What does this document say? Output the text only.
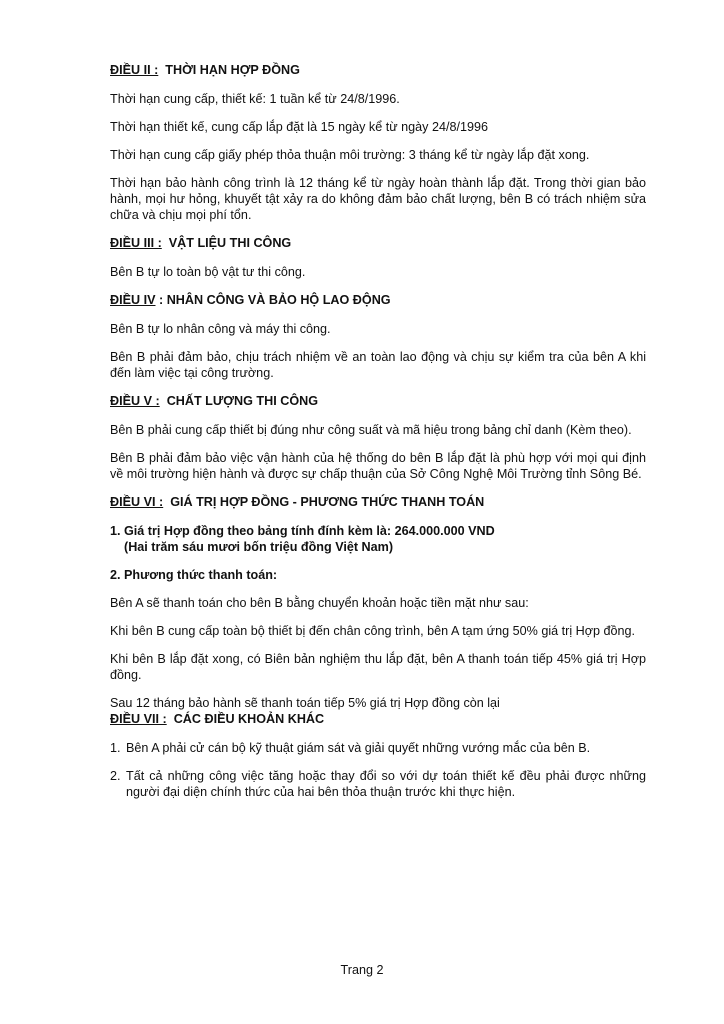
ĐIỀU II : THỜI HẠN HỢP ĐỒNG

Thời hạn cung cấp, thiết kế: 1 tuần kể từ 24/8/1996.

Thời hạn thiết kế, cung cấp lắp đặt là 15 ngày kể từ ngày 24/8/1996

Thời hạn cung cấp giấy phép thỏa thuận môi trường: 3 tháng kể từ ngày lắp đặt xong.

Thời hạn bảo hành công trình là 12 tháng kể từ ngày hoàn thành lắp đặt. Trong thời gian bảo hành, mọi hư hỏng, khuyết tật xảy ra do không đảm bảo chất lượng, bên B có trách nhiệm sửa chữa và chịu mọi phí tổn.

ĐIỀU III : VẬT LIỆU THI CÔNG

Bên B tự lo toàn bộ vật tư thi công.

ĐIỀU IV : NHÂN CÔNG VÀ BẢO HỘ LAO ĐỘNG

Bên B tự lo nhân công và máy thi công.

Bên B phải đảm bảo, chịu trách nhiệm về an toàn lao động và chịu sự kiểm tra của bên A khi đến làm việc tại công trường.

ĐIỀU V : CHẤT LƯỢNG THI CÔNG

Bên B phải cung cấp thiết bị đúng như công suất và mã hiệu trong bảng chỉ danh (Kèm theo).

Bên B phải đảm bảo việc vận hành của hệ thống do bên B lắp đặt là phù hợp với mọi qui định về môi trường hiện hành và được sự chấp thuận của Sở Công Nghệ Môi Trường tỉnh Sông Bé.

ĐIỀU VI : GIÁ TRỊ HỢP ĐỒNG - PHƯƠNG THỨC THANH TOÁN

1. Giá trị Hợp đồng theo bảng tính đính kèm là: 264.000.000 VND

(Hai trăm sáu mươi bốn triệu đồng Việt Nam)

2. Phương thức thanh toán:

Bên A sẽ thanh toán cho bên B bằng chuyển khoản hoặc tiền mặt như sau:

Khi bên B cung cấp toàn bộ thiết bị đến chân công trình, bên A tạm ứng 50% giá trị Hợp đồng.

Khi bên B lắp đặt xong, có Biên bản nghiệm thu lắp đặt, bên A thanh toán tiếp 45% giá trị Hợp đồng.

Sau 12 tháng bảo hành sẽ thanh toán tiếp 5% giá trị Hợp đồng còn lại

ĐIỀU VII : CÁC ĐIỀU KHOẢN KHÁC

1. Bên A phải cử cán bộ kỹ thuật giám sát và giải quyết những vướng mắc của bên B.
2. Tất cả những công việc tăng hoặc thay đổi so với dự toán thiết kế đều phải được những người đại diện chính thức của hai bên thỏa thuận trước khi thực hiện.
Trang 2
